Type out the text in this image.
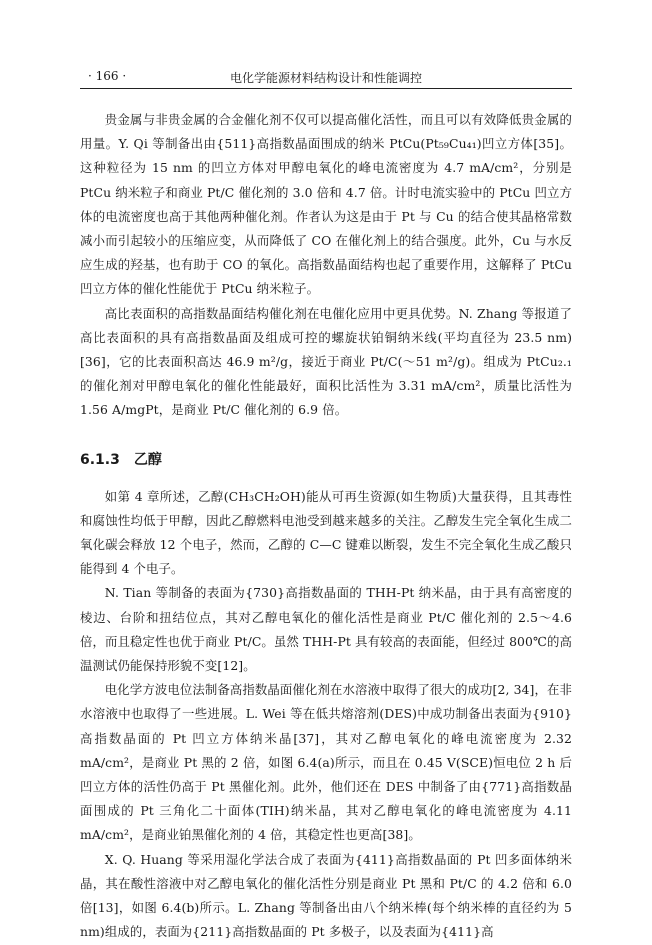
· 166 ·	电化学能源材料结构设计和性能调控

贵金属与非贵金属的合金催化剂不仅可以提高催化活性，而且可以有效降低贵金属的用量。Y. Qi 等制备出由{511}高指数晶面围成的纳米 PtCu(Pt₅₉Cu₄₁)凹立方体[35]。这种粒径为 15 nm 的凹立方体对甲醇电氧化的峰电流密度为 4.7 mA/cm²，分别是 PtCu 纳米粒子和商业 Pt/C 催化剂的 3.0 倍和 4.7 倍。计时电流实验中的 PtCu 凹立方体的电流密度也高于其他两种催化剂。作者认为这是由于 Pt 与 Cu 的结合使其晶格常数减小而引起较小的压缩应变，从而降低了 CO 在催化剂上的结合强度。此外，Cu 与水反应生成的羟基，也有助于 CO 的氧化。高指数晶面结构也起了重要作用，这解释了 PtCu 凹立方体的催化性能优于 PtCu 纳米粒子。

高比表面积的高指数晶面结构催化剂在电催化应用中更具优势。N. Zhang 等报道了高比表面积的具有高指数晶面及组成可控的螺旋状铂铜纳米线(平均直径为 23.5 nm)[36]，它的比表面积高达 46.9 m²/g，接近于商业 Pt/C(～51 m²/g)。组成为 PtCu₂.₁ 的催化剂对甲醇电氧化的催化性能最好，面积比活性为 3.31 mA/cm²，质量比活性为 1.56 A/mgPt，是商业 Pt/C 催化剂的 6.9 倍。

6.1.3 乙醇

如第 4 章所述，乙醇(CH₃CH₂OH)能从可再生资源(如生物质)大量获得，且其毒性和腐蚀性均低于甲醇，因此乙醇燃料电池受到越来越多的关注。乙醇发生完全氧化生成二氧化碳会释放 12 个电子，然而，乙醇的 C—C 键难以断裂，发生不完全氧化生成乙酸只能得到 4 个电子。

N. Tian 等制备的表面为{730}高指数晶面的 THH-Pt 纳米晶，由于具有高密度的棱边、台阶和扭结位点，其对乙醇电氧化的催化活性是商业 Pt/C 催化剂的 2.5～4.6 倍，而且稳定性也优于商业 Pt/C。虽然 THH-Pt 具有较高的表面能，但经过 800℃的高温测试仍能保持形貌不变[12]。

电化学方波电位法制备高指数晶面催化剂在水溶液中取得了很大的成功[2, 34]，在非水溶液中也取得了一些进展。L. Wei 等在低共熔溶剂(DES)中成功制备出表面为{910}高指数晶面的 Pt 凹立方体纳米晶[37]，其对乙醇电氧化的峰电流密度为 2.32 mA/cm²，是商业 Pt 黑的 2 倍，如图 6.4(a)所示，而且在 0.45 V(SCE)恒电位 2 h 后凹立方体的活性仍高于 Pt 黑催化剂。此外，他们还在 DES 中制备了由{771}高指数晶面围成的 Pt 三角化二十面体(TIH)纳米晶，其对乙醇电氧化的峰电流密度为 4.11 mA/cm²，是商业铂黑催化剂的 4 倍，其稳定性也更高[38]。

X. Q. Huang 等采用湿化学法合成了表面为{411}高指数晶面的 Pt 凹多面体纳米晶，其在酸性溶液中对乙醇电氧化的催化活性分别是商业 Pt 黑和 Pt/C 的 4.2 倍和 6.0 倍[13]，如图 6.4(b)所示。L. Zhang 等制备出由八个纳米棒(每个纳米棒的直径约为 5 nm)组成的，表面为{211}高指数晶面的 Pt 多极子，以及表面为{411}高
